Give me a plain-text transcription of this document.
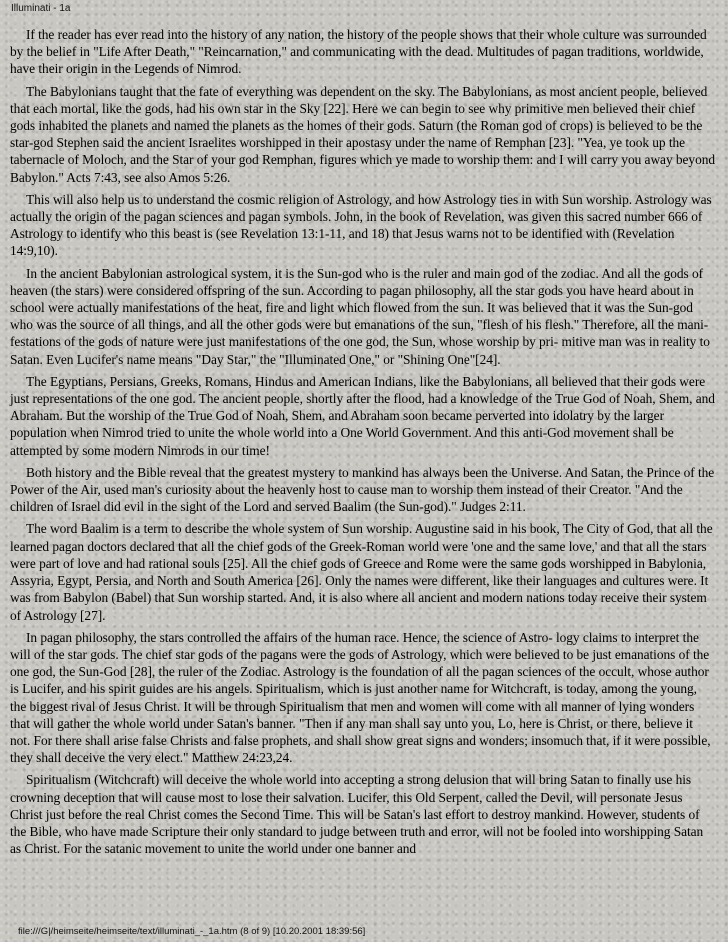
Illuminati - 1a

If the reader has ever read into the history of any nation, the history of the people shows that their whole culture was surrounded by the belief in "Life After Death," "Reincarnation," and communicating with the dead. Multitudes of pagan traditions, worldwide, have their origin in the Legends of Nimrod.

The Babylonians taught that the fate of everything was dependent on the sky. The Babylonians, as most ancient people, believed that each mortal, like the gods, had his own star in the Sky [22]. Here we can begin to see why primitive men believed their chief gods inhabited the planets and named the planets as the homes of their gods. Saturn (the Roman god of crops) is believed to be the star-god Stephen said the ancient Israelites worshipped in their apostasy under the name of Remphan [23]. "Yea, ye took up the tabernacle of Moloch, and the Star of your god Remphan, figures which ye made to worship them: and I will carry you away beyond Babylon." Acts 7:43, see also Amos 5:26.

This will also help us to understand the cosmic religion of Astrology, and how Astrology ties in with Sun worship. Astrology was actually the origin of the pagan sciences and pagan symbols. John, in the book of Revelation, was given this sacred number 666 of Astrology to identify who this beast is (see Revelation 13:1-11, and 18) that Jesus warns not to be identified with (Revelation 14:9,10).

In the ancient Babylonian astrological system, it is the Sun-god who is the ruler and main god of the zodiac. And all the gods of heaven (the stars) were considered offspring of the sun. According to pagan philosophy, all the star gods you have heard about in school were actually manifestations of the heat, fire and light which flowed from the sun. It was believed that it was the Sun-god who was the source of all things, and all the other gods were but emanations of the sun, "flesh of his flesh." Therefore, all the mani- festations of the gods of nature were just manifestations of the one god, the Sun, whose worship by pri- mitive man was in reality to Satan. Even Lucifer's name means "Day Star," the "Illuminated One," or "Shining One"[24].

The Egyptians, Persians, Greeks, Romans, Hindus and American Indians, like the Babylonians, all believed that their gods were just representations of the one god. The ancient people, shortly after the flood, had a knowledge of the True God of Noah, Shem, and Abraham. But the worship of the True God of Noah, Shem, and Abraham soon became perverted into idolatry by the larger population when Nimrod tried to unite the whole world into a One World Government. And this anti-God movement shall be attempted by some modern Nimrods in our time!

Both history and the Bible reveal that the greatest mystery to mankind has always been the Universe. And Satan, the Prince of the Power of the Air, used man's curiosity about the heavenly host to cause man to worship them instead of their Creator. "And the children of Israel did evil in the sight of the Lord and served Baalim (the Sun-god)." Judges 2:11.

The word Baalim is a term to describe the whole system of Sun worship. Augustine said in his book, The City of God, that all the learned pagan doctors declared that all the chief gods of the Greek-Roman world were 'one and the same love,' and that all the stars were part of love and had rational souls [25]. All the chief gods of Greece and Rome were the same gods worshipped in Babylonia, Assyria, Egypt, Persia, and North and South America [26]. Only the names were different, like their languages and cultures were. It was from Babylon (Babel) that Sun worship started. And, it is also where all ancient and modern nations today receive their system of Astrology [27].

In pagan philosophy, the stars controlled the affairs of the human race. Hence, the science of Astro- logy claims to interpret the will of the star gods. The chief star gods of the pagans were the gods of Astrology, which were believed to be just emanations of the one god, the Sun-God [28], the ruler of the Zodiac. Astrology is the foundation of all the pagan sciences of the occult, whose author is Lucifer, and his spirit guides are his angels. Spiritualism, which is just another name for Witchcraft, is today, among the young, the biggest rival of Jesus Christ. It will be through Spiritualism that men and women will come with all manner of lying wonders that will gather the whole world under Satan's banner. "Then if any man shall say unto you, Lo, here is Christ, or there, believe it not. For there shall arise false Christs and false prophets, and shall show great signs and wonders; insomuch that, if it were possible, they shall deceive the very elect." Matthew 24:23,24.

Spiritualism (Witchcraft) will deceive the whole world into accepting a strong delusion that will bring Satan to finally use his crowning deception that will cause most to lose their salvation. Lucifer, this Old Serpent, called the Devil, will personate Jesus Christ just before the real Christ comes the Second Time. This will be Satan's last effort to destroy mankind. However, students of the Bible, who have made Scripture their only standard to judge between truth and error, will not be fooled into worshipping Satan as Christ. For the satanic movement to unite the world under one banner and

file:///G|/heimseite/heimseite/text/illuminati_-_1a.htm (8 of 9) [10.20.2001 18:39:56]
